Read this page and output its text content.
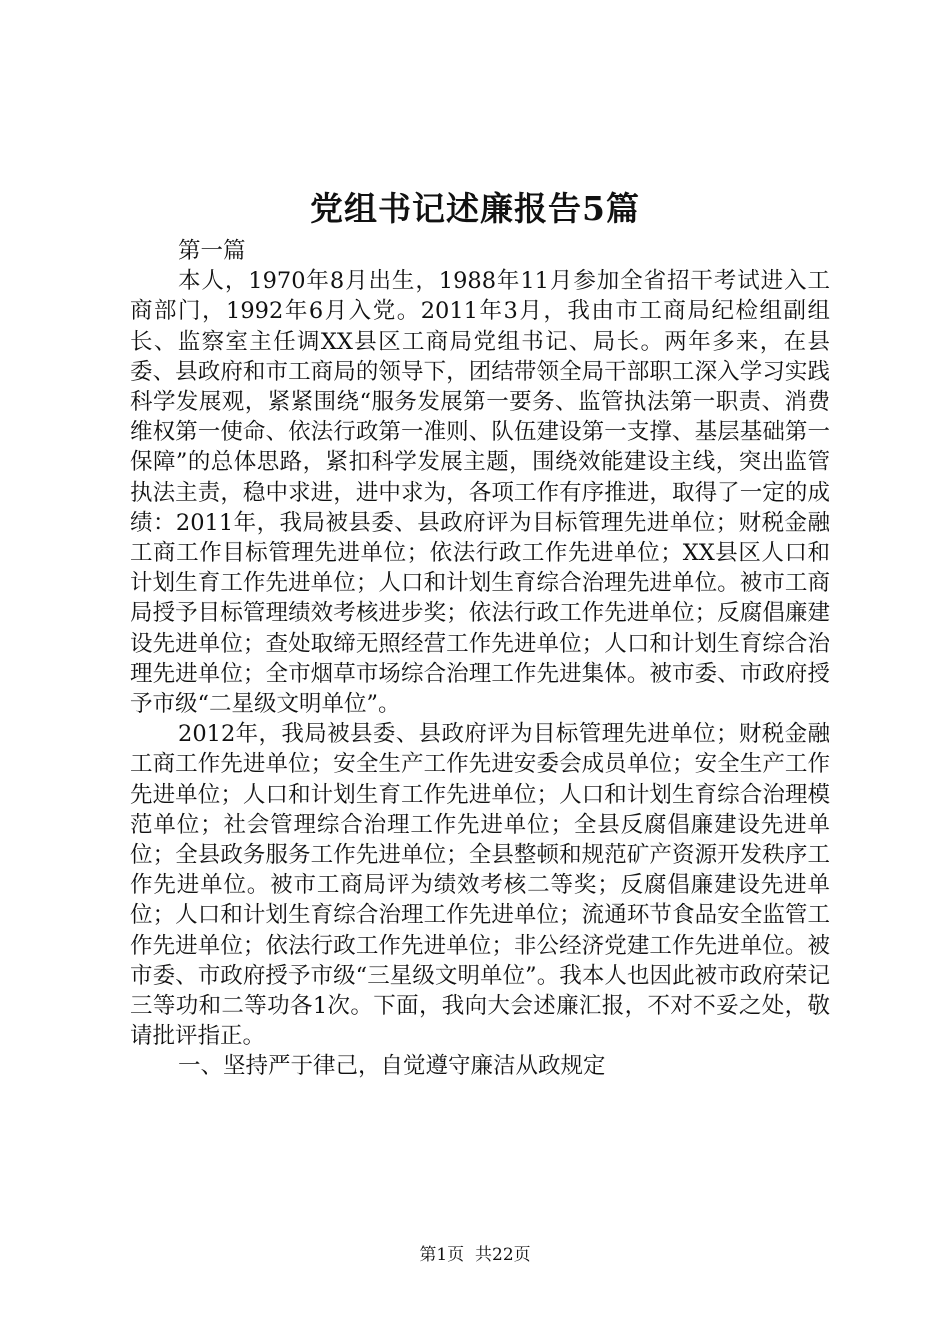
党组书记述廉报告5篇

第一篇

本人，1970年8月出生，1988年11月参加全省招干考试进入工商部门，1992年6月入党。2011年3月，我由市工商局纪检组副组长、监察室主任调XX县区工商局党组书记、局长。两年多来，在县委、县政府和市工商局的领导下，团结带领全局干部职工深入学习实践科学发展观，紧紧围绕“服务发展第一要务、监管执法第一职责、消费维权第一使命、依法行政第一准则、队伍建设第一支撑、基层基础第一保障”的总体思路，紧扣科学发展主题，围绕效能建设主线，突出监管执法主责，稳中求进，进中求为，各项工作有序推进，取得了一定的成绩：2011年，我局被县委、县政府评为目标管理先进单位；财税金融工商工作目标管理先进单位；依法行政工作先进单位；XX县区人口和计划生育工作先进单位；人口和计划生育综合治理先进单位。被市工商局授予目标管理绩效考核进步奖；依法行政工作先进单位；反腐倡廉建设先进单位；查处取缔无照经营工作先进单位；人口和计划生育综合治理先进单位；全市烟草市场综合治理工作先进集体。被市委、市政府授予市级“二星级文明单位”。

2012年，我局被县委、县政府评为目标管理先进单位；财税金融工商工作先进单位；安全生产工作先进安委会成员单位；安全生产工作先进单位；人口和计划生育工作先进单位；人口和计划生育综合治理模范单位；社会管理综合治理工作先进单位；全县反腐倡廉建设先进单位；全县政务服务工作先进单位；全县整顿和规范矿产资源开发秩序工作先进单位。被市工商局评为绩效考核二等奖；反腐倡廉建设先进单位；人口和计划生育综合治理工作先进单位；流通环节食品安全监管工作先进单位；依法行政工作先进单位；非公经济党建工作先进单位。被市委、市政府授予市级“三星级文明单位”。我本人也因此被市政府荣记三等功和二等功各1次。下面，我向大会述廉汇报，不对不妥之处，敬请批评指正。

一、坚持严于律己，自觉遵守廉洁从政规定

第1页 共22页
